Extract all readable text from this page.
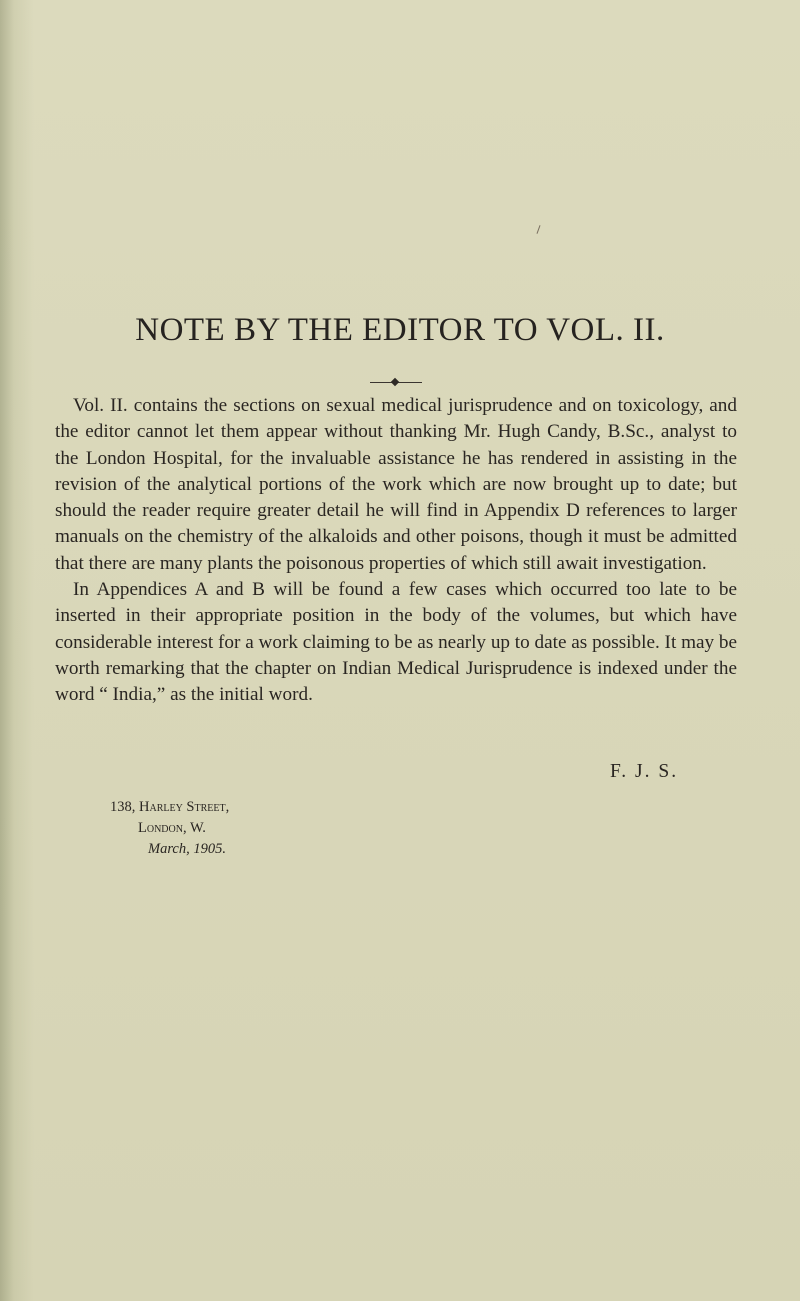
NOTE BY THE EDITOR TO VOL. II.

Vol. II. contains the sections on sexual medical jurisprudence and on toxicology, and the editor cannot let them appear without thanking Mr. Hugh Candy, B.Sc., analyst to the London Hospital, for the invaluable assistance he has rendered in assisting in the revision of the analytical portions of the work which are now brought up to date; but should the reader require greater detail he will find in Appendix D references to larger manuals on the chemistry of the alkaloids and other poisons, though it must be admitted that there are many plants the poisonous properties of which still await investigation.

In Appendices A and B will be found a few cases which occurred too late to be inserted in their appropriate position in the body of the volumes, but which have considerable interest for a work claiming to be as nearly up to date as possible. It may be worth remarking that the chapter on Indian Medical Jurisprudence is indexed under the word “ India,” as the initial word.

F. J. S.
138, Harley Street,
London, W.
March, 1905.
